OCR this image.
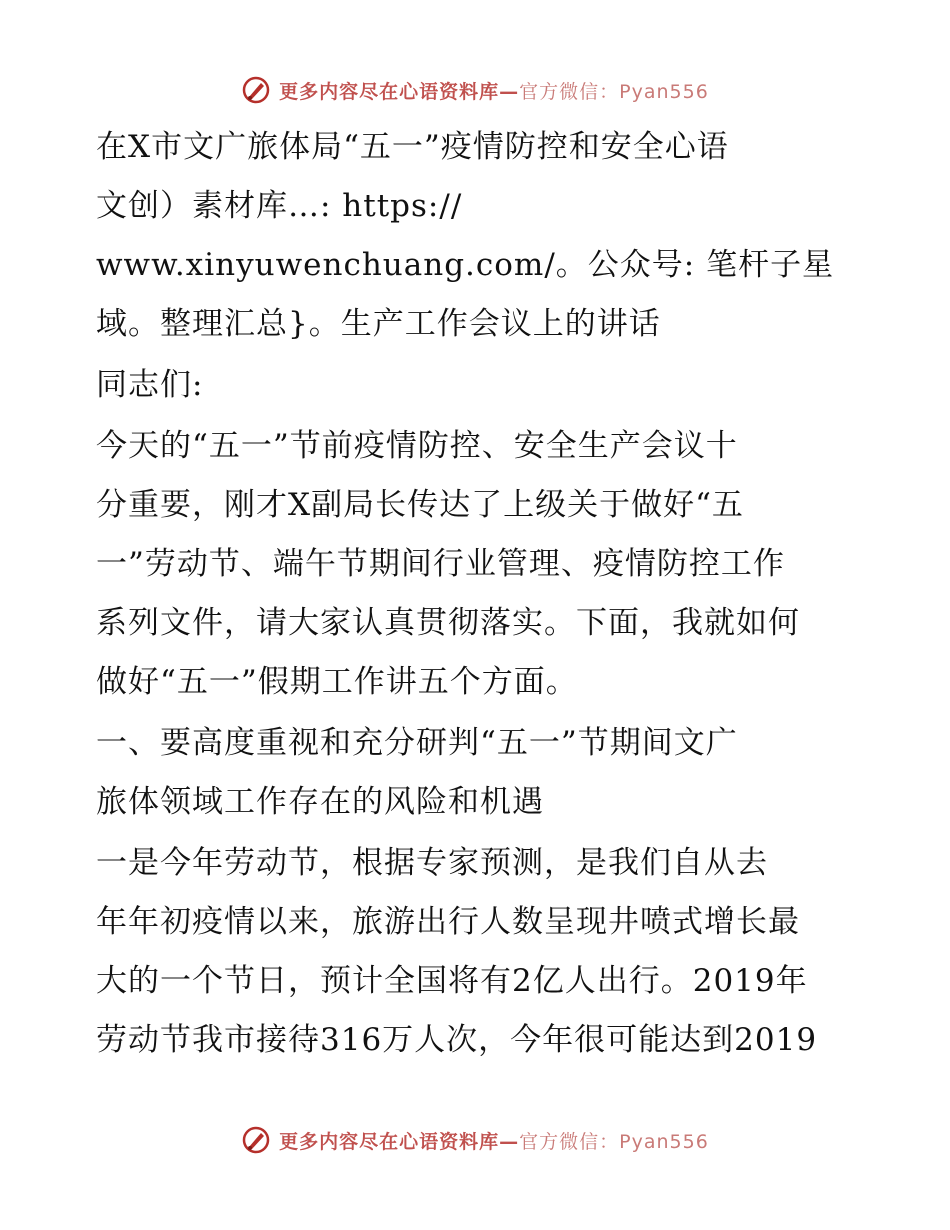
更多内容尽在心语资料库—官方微信：Pyan556
在X市文广旅体局“五一”疫情防控和安全心语
文创）素材库…: https://
www.xinyuwenchuang.com/。公众号: 笔杆子星
域。整理汇总}。生产工作会议上的讲话
同志们:
今天的“五一”节前疫情防控、安全生产会议十
分重要，刚才X副局长传达了上级关于做好“五
一”劳动节、端午节期间行业管理、疫情防控工作
系列文件，请大家认真贯彻落实。下面，我就如何
做好“五一”假期工作讲五个方面。
一、要高度重视和充分研判“五一”节期间文广
旅体领域工作存在的风险和机遇
一是今年劳动节，根据专家预测，是我们自从去
年年初疫情以来，旅游出行人数呈现井喷式增长最
大的一个节日，预计全国将有2亿人出行。2019年
劳动节我市接待316万人次，今年很可能达到2019
更多内容尽在心语资料库—官方微信：Pyan556
